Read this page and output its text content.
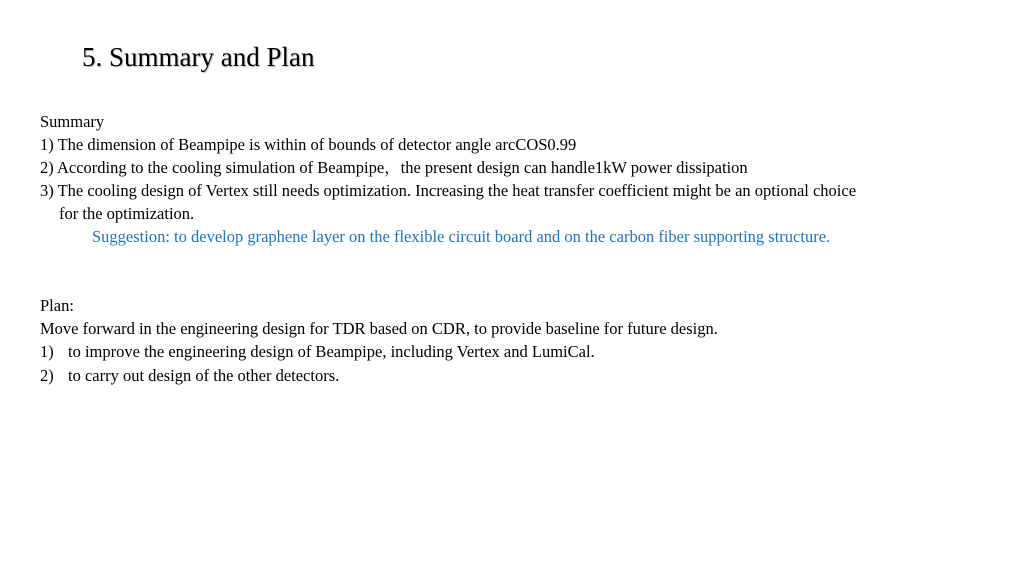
5. Summary and Plan
Summary
1) The dimension of Beampipe is within of bounds of detector angle arcCOS0.99
2) According to the cooling simulation of Beampipe，the present design can handle1kW power dissipation
3) The cooling design of Vertex still needs optimization. Increasing the heat transfer coefficient might be an optional choice
for the optimization.
Suggestion: to develop graphene layer on the flexible circuit board and on the carbon fiber supporting structure.
Plan:
Move forward in the engineering design for TDR based on CDR, to provide baseline for future design.
1) to improve the engineering design of Beampipe, including Vertex and LumiCal.
2) to carry out design of the other detectors.
